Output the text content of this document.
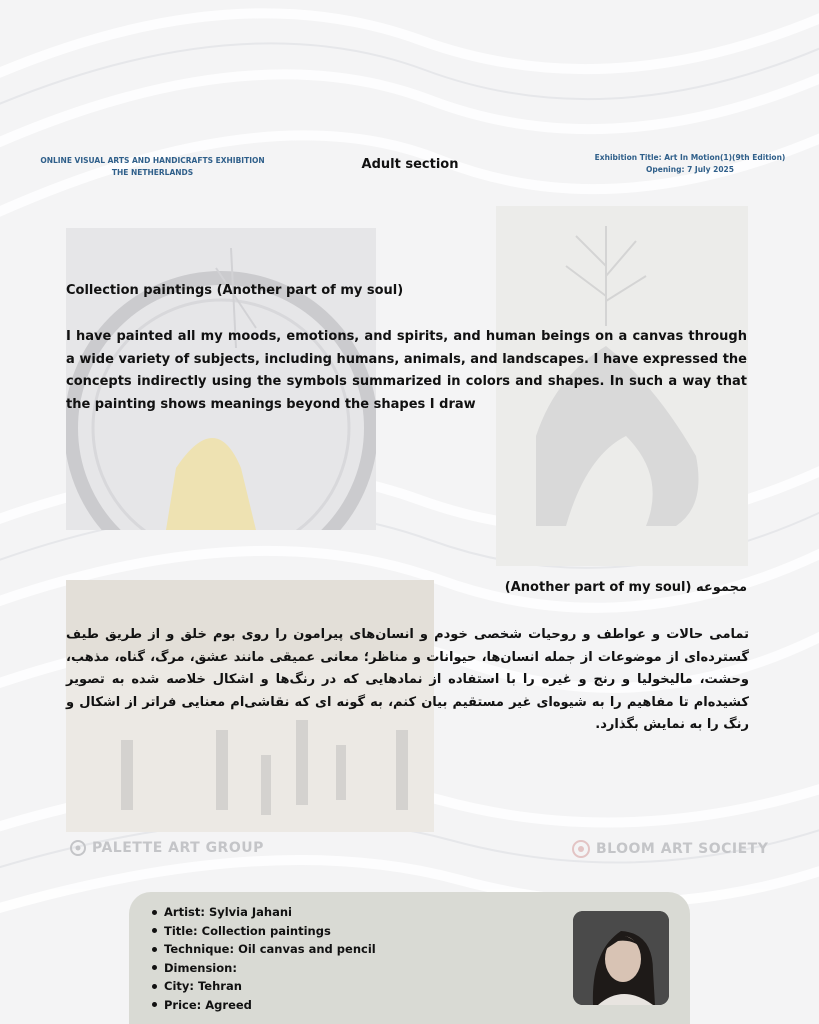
ONLINE VISUAL ARTS AND HANDICRAFTS EXHIBITION
THE NETHERLANDS
Adult section	Exhibition Title: Art In Motion(1)(9th Edition)
Opening: 7 July 2025
Collection paintings (Another part of my soul)
I have painted all my moods, emotions, and spirits, and human beings on a canvas through a wide variety of subjects, including humans, animals, and landscapes. I have expressed the concepts indirectly using the symbols summarized in colors and shapes. In such a way that the painting shows meanings beyond the shapes I draw
مجموعه (Another part of my soul)
تمامی حالات و عواطف و روحیات شخصی خودم و انسان‌های پیرامون را روی بوم خلق و از طریق طیف گسترده‌ای از موضوعات از جمله انسان‌ها، حیوانات و مناظر؛ معانی عمیقی مانند عشق، مرگ، گناه، مذهب، وحشت، مالیخولیا و رنج و غیره را با استفاده از نمادهایی که در رنگ‌ها و اشکال خلاصه شده به تصویر کشیده‌ام تا مفاهیم را به شیوه‌ای غیر مستقیم بیان کنم، به گونه ای که نقاشی‌ام معنایی فراتر از اشکال و رنگ را به نمایش بگذارد.
PALETTE ART GROUP	BLOOM ART SOCIETY
Artist: Sylvia Jahani
Title: Collection paintings
Technique: Oil canvas and pencil
Dimension:
City: Tehran
Price: Agreed
